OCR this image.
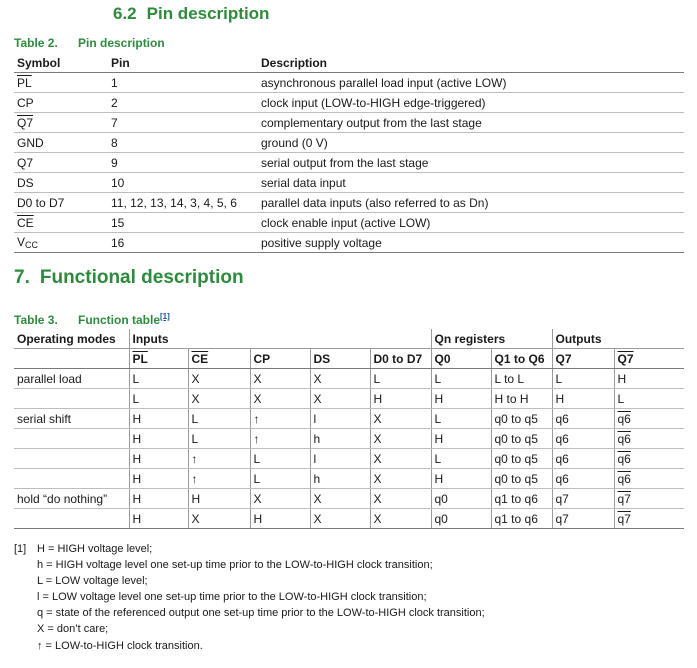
6.2 Pin description
Table 2. Pin description
Symbol	Pin	Description
$\overline{PL}$	1	asynchronous parallel load input (active LOW)
CP	2	clock input (LOW-to-HIGH edge-triggered)
Q7	7	complementary output from the last stage
GND	8	ground (0 V)
Q7	9	serial output from the last stage
DS	10	serial data input
D0 to D7	11, 12, 13, 14, 3, 4, 5, 6	parallel data inputs (also referred to as Dn)
$\overline{CE}$	15	clock enable input (active LOW)
$V_{CC}$	16	positive supply voltage
7. Functional description
Table 3. Function table[1]
Operating modes	Inputs					Qn registers		Outputs	
	$\overline{PL}$	$\overline{CE}$	CP	DS	D0 to D7	Q0	Q1 to Q6	Q7	Q7
parallel load	L	X	X	X	L	L	L to L	L	H
	L	X	X	X	H	H	H to H	H	L
serial shift	H	L	↑	l	X	L	q0 to q5	q6	q6
	H	L	↑	h	X	H	q0 to q5	q6	q6
	H	↑	L	l	X	L	q0 to q5	q6	q6
	H	↑	L	h	X	H	q0 to q5	q6	q6
hold “do nothing”	H	H	X	X	X	q0	q1 to q6	q7	q7
	H	X	H	X	X	q0	q1 to q6	q7	q7
[1] H = HIGH voltage level;
h = HIGH voltage level one set-up time prior to the LOW-to-HIGH clock transition;
L = LOW voltage level;
l = LOW voltage level one set-up time prior to the LOW-to-HIGH clock transition;
q = state of the referenced output one set-up time prior to the LOW-to-HIGH clock transition;
X = don’t care;
↑ = LOW-to-HIGH clock transition.
